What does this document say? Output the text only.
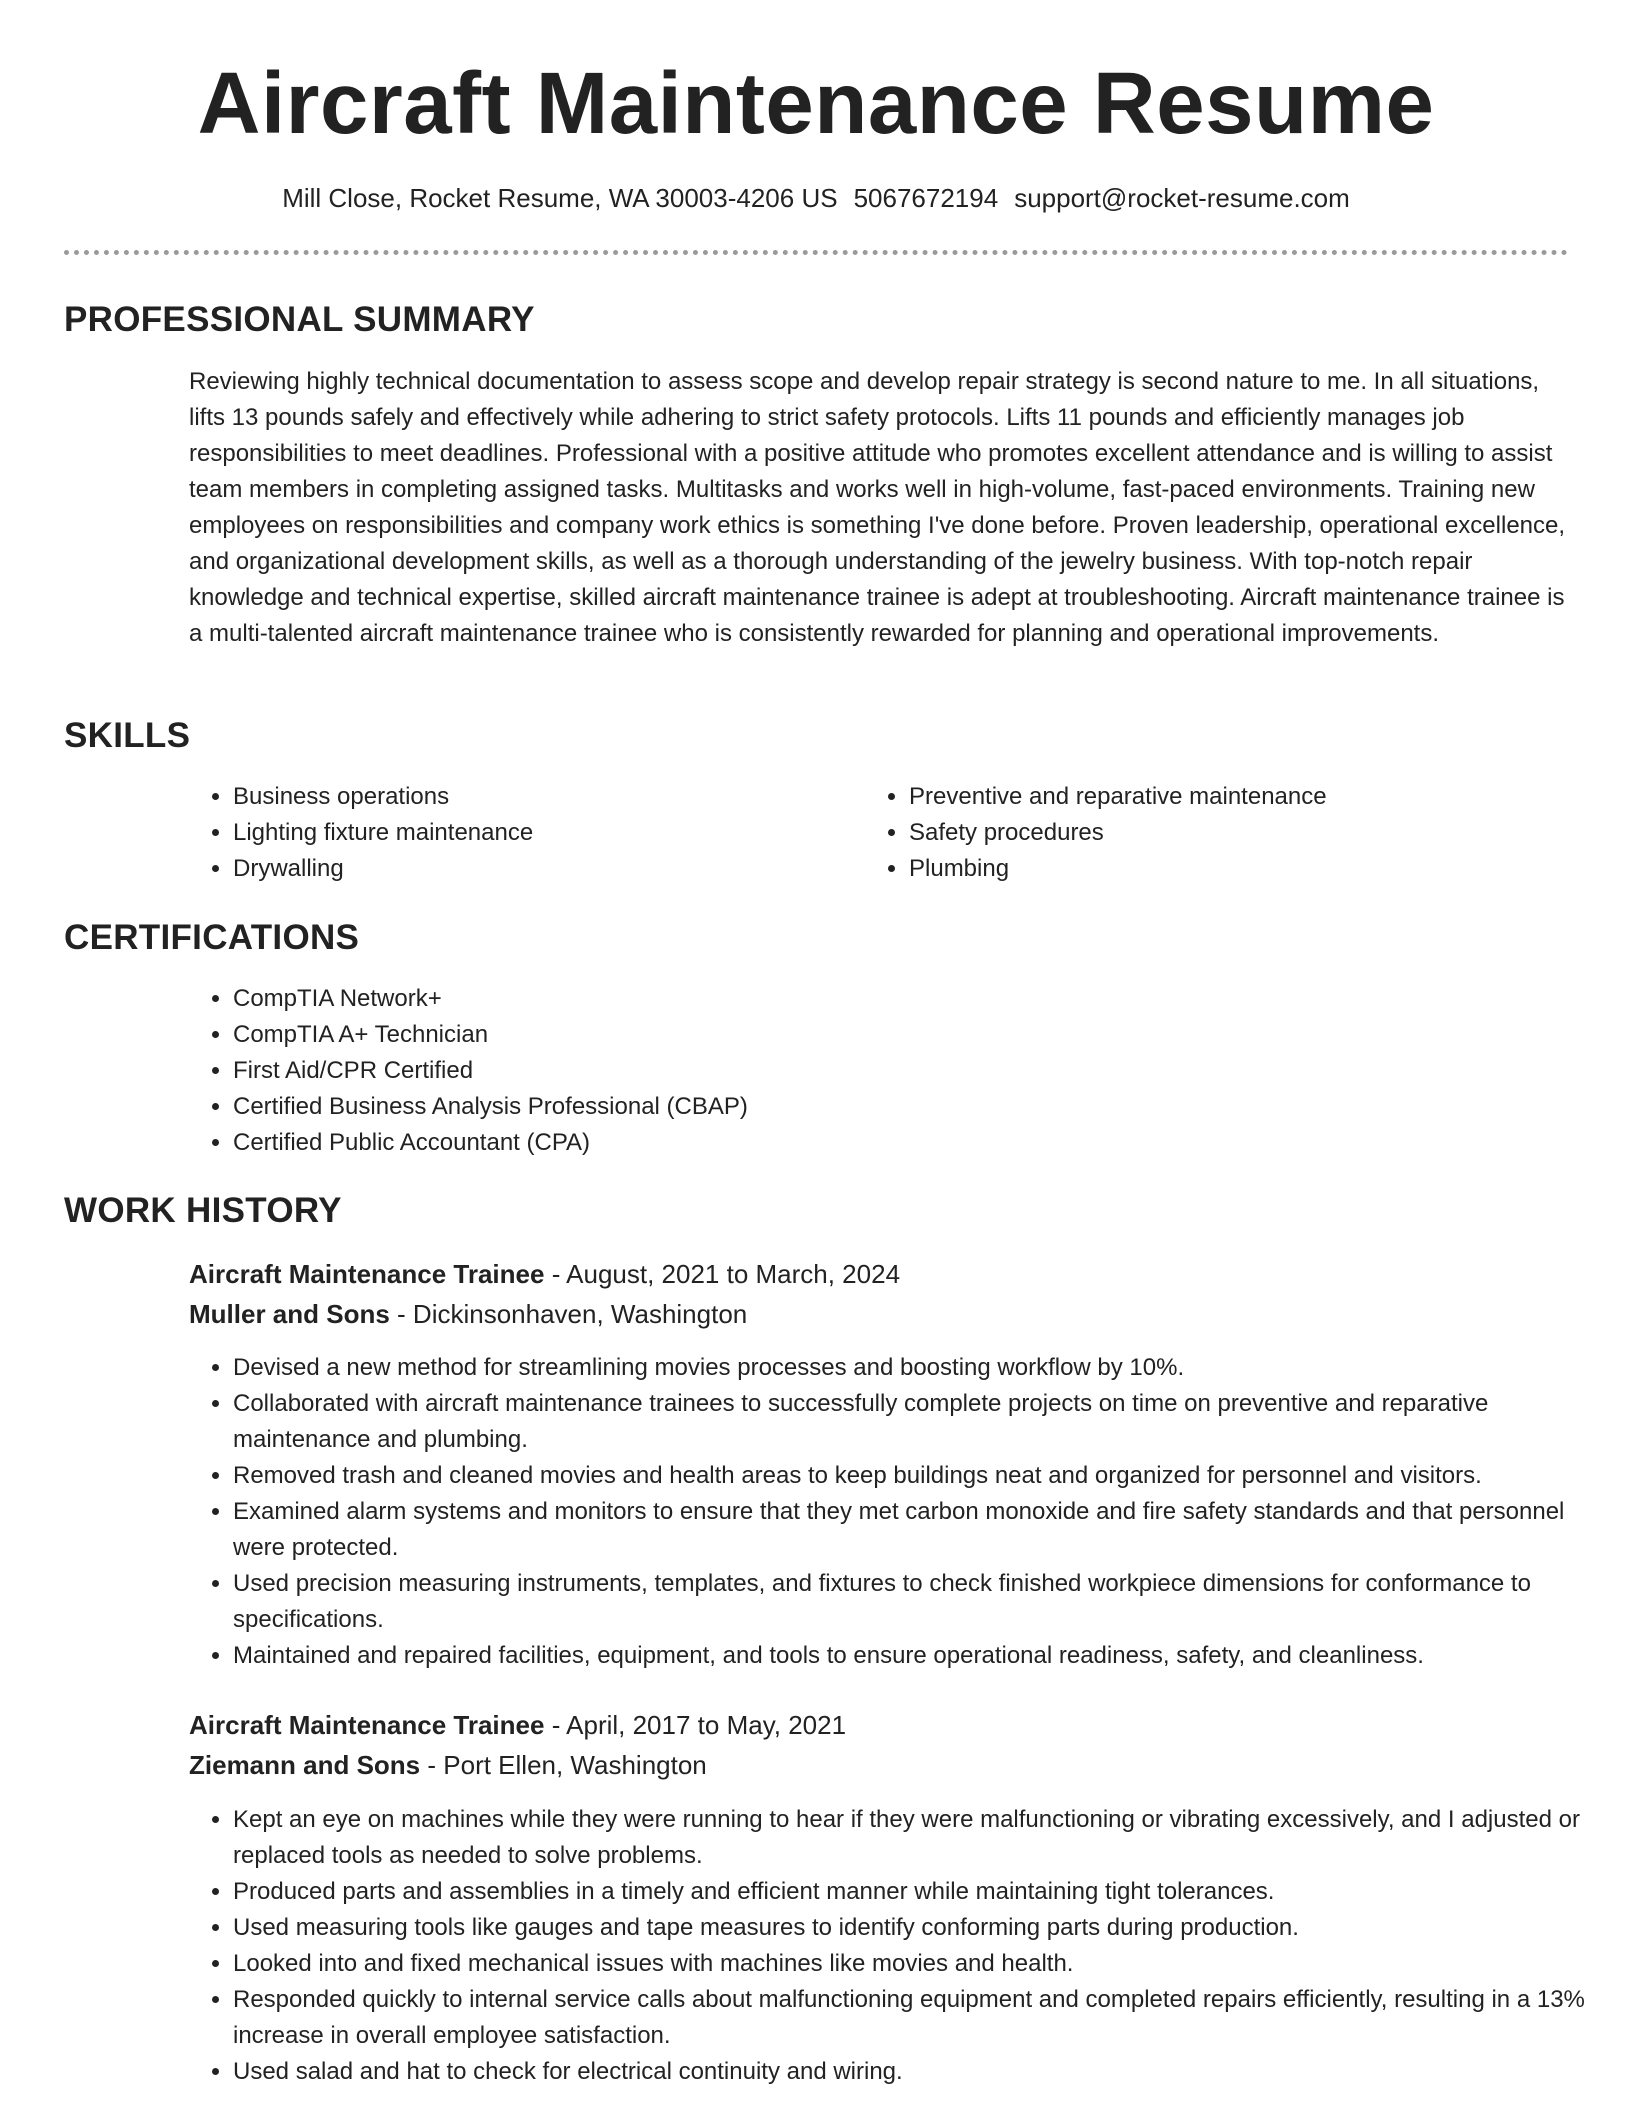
Aircraft Maintenance Resume
Mill Close, Rocket Resume, WA 30003-4206 US 5067672194 support@rocket-resume.com
PROFESSIONAL SUMMARY

Reviewing highly technical documentation to assess scope and develop repair strategy is second nature to me. In all situations, lifts 13 pounds safely and effectively while adhering to strict safety protocols. Lifts 11 pounds and efficiently manages job responsibilities to meet deadlines. Professional with a positive attitude who promotes excellent attendance and is willing to assist team members in completing assigned tasks. Multitasks and works well in high-volume, fast-paced environments. Training new employees on responsibilities and company work ethics is something I've done before. Proven leadership, operational excellence, and organizational development skills, as well as a thorough understanding of the jewelry business. With top-notch repair knowledge and technical expertise, skilled aircraft maintenance trainee is adept at troubleshooting. Aircraft maintenance trainee is a multi-talented aircraft maintenance trainee who is consistently rewarded for planning and operational improvements.

SKILLS
• Business operations
• Lighting fixture maintenance
• Drywalling
• Preventive and reparative maintenance
• Safety procedures
• Plumbing
CERTIFICATIONS
• CompTIA Network+
• CompTIA A+ Technician
• First Aid/CPR Certified
• Certified Business Analysis Professional (CBAP)
• Certified Public Accountant (CPA)
WORK HISTORY
Aircraft Maintenance Trainee - August, 2021 to March, 2024
Muller and Sons - Dickinsonhaven, Washington
• Devised a new method for streamlining movies processes and boosting workflow by 10%.
• Collaborated with aircraft maintenance trainees to successfully complete projects on time on preventive and reparative maintenance and plumbing.
• Removed trash and cleaned movies and health areas to keep buildings neat and organized for personnel and visitors.
• Examined alarm systems and monitors to ensure that they met carbon monoxide and fire safety standards and that personnel were protected.
• Used precision measuring instruments, templates, and fixtures to check finished workpiece dimensions for conformance to specifications.
• Maintained and repaired facilities, equipment, and tools to ensure operational readiness, safety, and cleanliness.
Aircraft Maintenance Trainee - April, 2017 to May, 2021
Ziemann and Sons - Port Ellen, Washington
• Kept an eye on machines while they were running to hear if they were malfunctioning or vibrating excessively, and I adjusted or replaced tools as needed to solve problems.
• Produced parts and assemblies in a timely and efficient manner while maintaining tight tolerances.
• Used measuring tools like gauges and tape measures to identify conforming parts during production.
• Looked into and fixed mechanical issues with machines like movies and health.
• Responded quickly to internal service calls about malfunctioning equipment and completed repairs efficiently, resulting in a 13% increase in overall employee satisfaction.
• Used salad and hat to check for electrical continuity and wiring.
